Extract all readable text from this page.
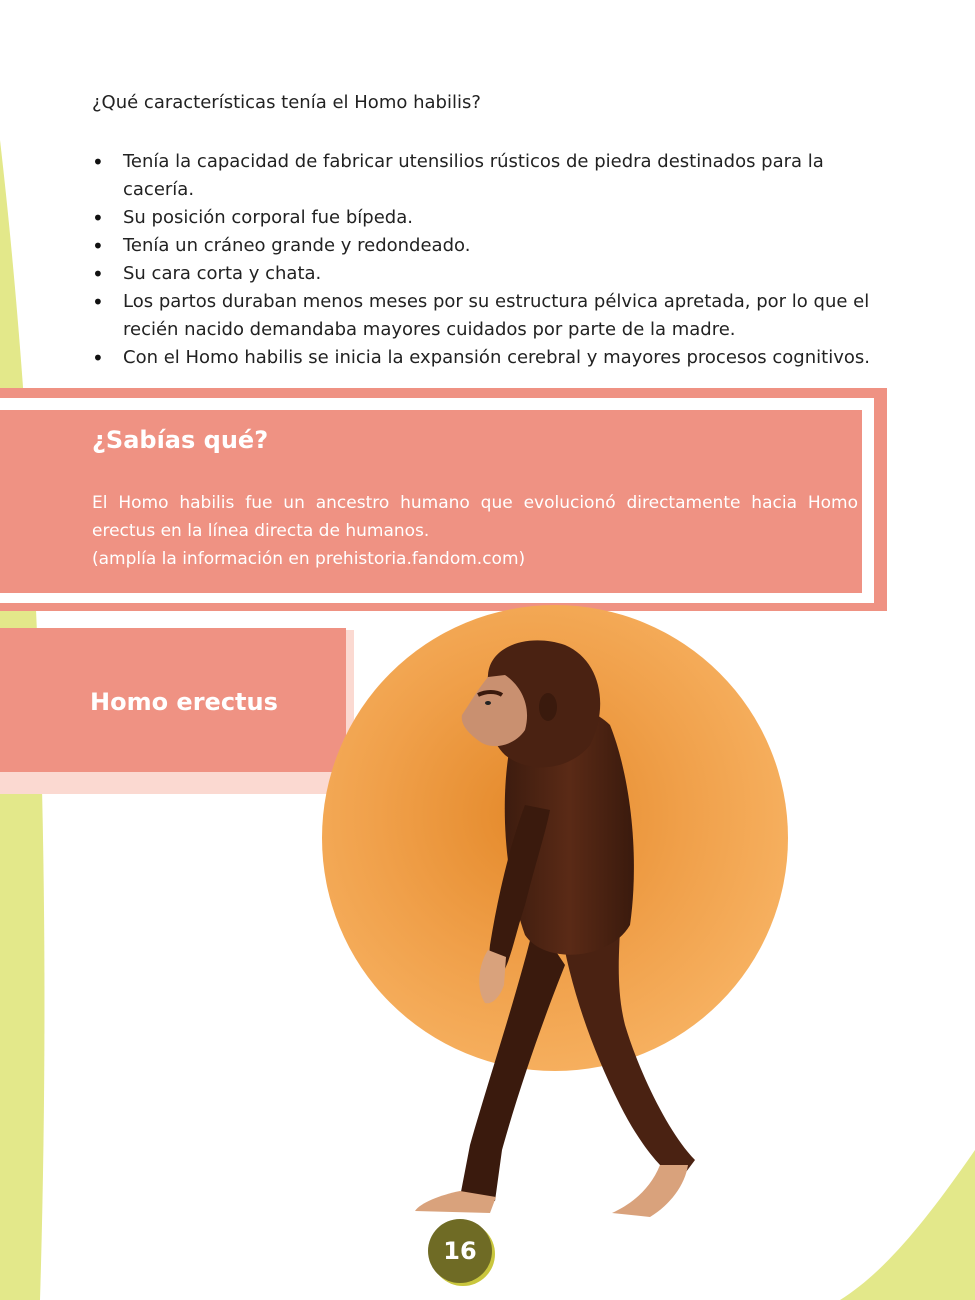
¿Qué características tenía el Homo habilis?
• Tenía la capacidad de fabricar utensilios rústicos de piedra destinados para la cacería.
• Su posición corporal fue bípeda.
• Tenía un cráneo grande y redondeado.
• Su cara corta y chata.
• Los partos duraban menos meses por su estructura pélvica apretada, por lo que el recién nacido demandaba mayores cuidados por parte de la madre.
• Con el Homo habilis se inicia la expansión cerebral y mayores procesos cognitivos.
¿Sabías qué?

El Homo habilis fue un ancestro humano que evolucionó directamente hacia Homo erectus en la línea directa de humanos.
(amplía la información en prehistoria.fandom.com)

Homo erectus
16
